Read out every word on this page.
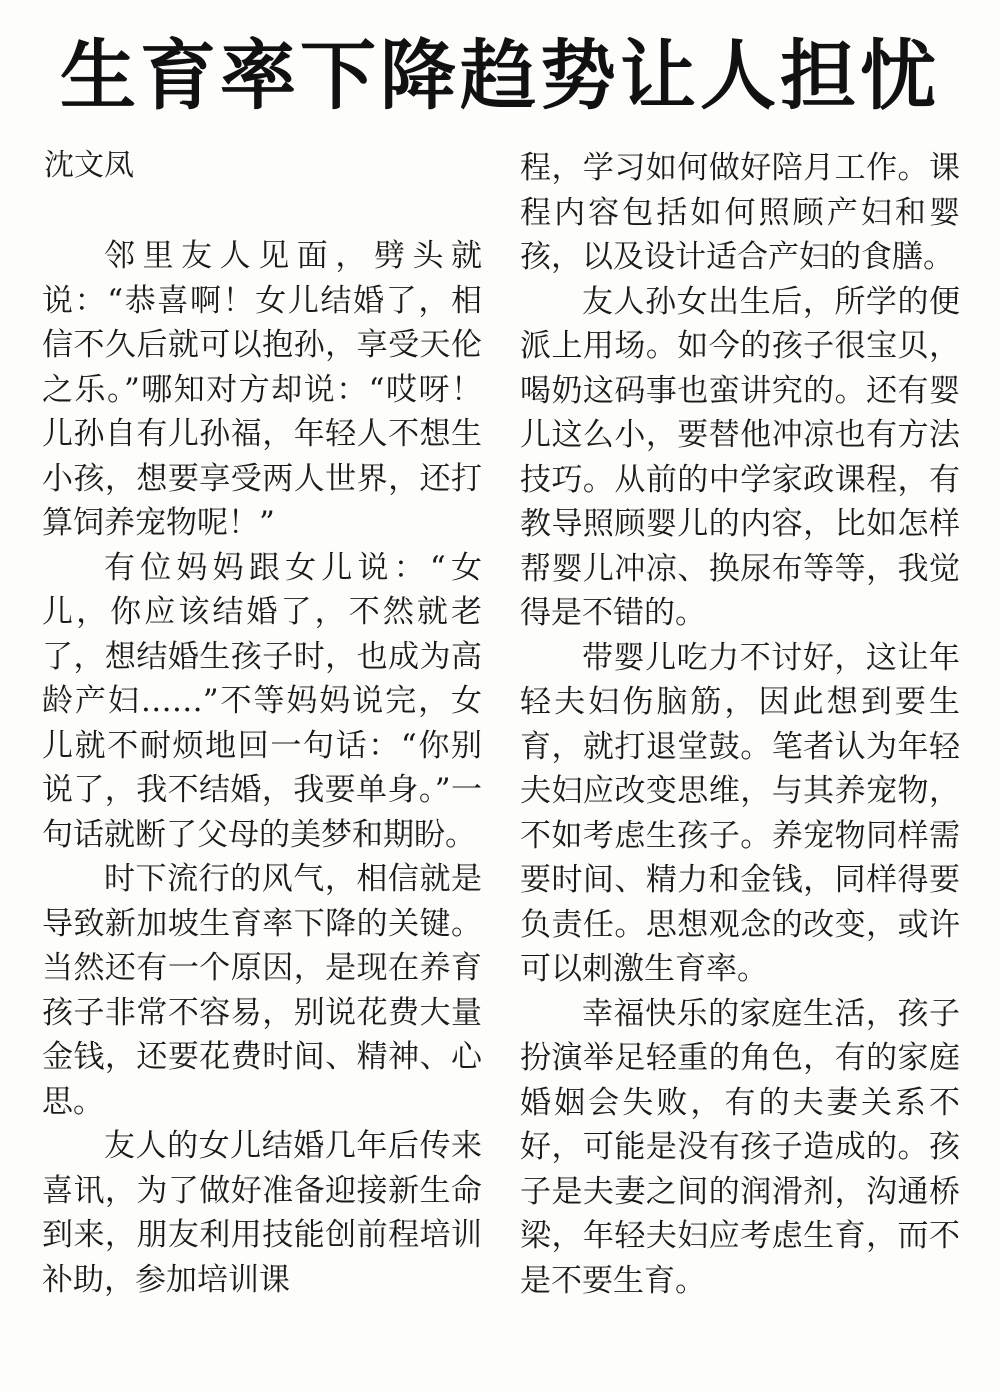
生育率下降趋势让人担忧
沈文凤

邻里友人见面，劈头就说：“恭喜啊！女儿结婚了，相信不久后就可以抱孙，享受天伦之乐。”哪知对方却说：“哎呀！儿孙自有儿孙福，年轻人不想生小孩，想要享受两人世界，还打算饲养宠物呢！”

有位妈妈跟女儿说：“女儿，你应该结婚了，不然就老了，想结婚生孩子时，也成为高龄产妇……”不等妈妈说完，女儿就不耐烦地回一句话：“你别说了，我不结婚，我要单身。”一句话就断了父母的美梦和期盼。

时下流行的风气，相信就是导致新加坡生育率下降的关键。当然还有一个原因，是现在养育孩子非常不容易，别说花费大量金钱，还要花费时间、精神、心思。

友人的女儿结婚几年后传来喜讯，为了做好准备迎接新生命到来，朋友利用技能创前程培训补助，参加培训课

程，学习如何做好陪月工作。课程内容包括如何照顾产妇和婴孩，以及设计适合产妇的食膳。

友人孙女出生后，所学的便派上用场。如今的孩子很宝贝，喝奶这码事也蛮讲究的。还有婴儿这么小，要替他冲凉也有方法技巧。从前的中学家政课程，有教导照顾婴儿的内容，比如怎样帮婴儿冲凉、换尿布等等，我觉得是不错的。

带婴儿吃力不讨好，这让年轻夫妇伤脑筋，因此想到要生育，就打退堂鼓。笔者认为年轻夫妇应改变思维，与其养宠物，不如考虑生孩子。养宠物同样需要时间、精力和金钱，同样得要负责任。思想观念的改变，或许可以刺激生育率。

幸福快乐的家庭生活，孩子扮演举足轻重的角色，有的家庭婚姻会失败，有的夫妻关系不好，可能是没有孩子造成的。孩子是夫妻之间的润滑剂，沟通桥梁，年轻夫妇应考虑生育，而不是不要生育。
